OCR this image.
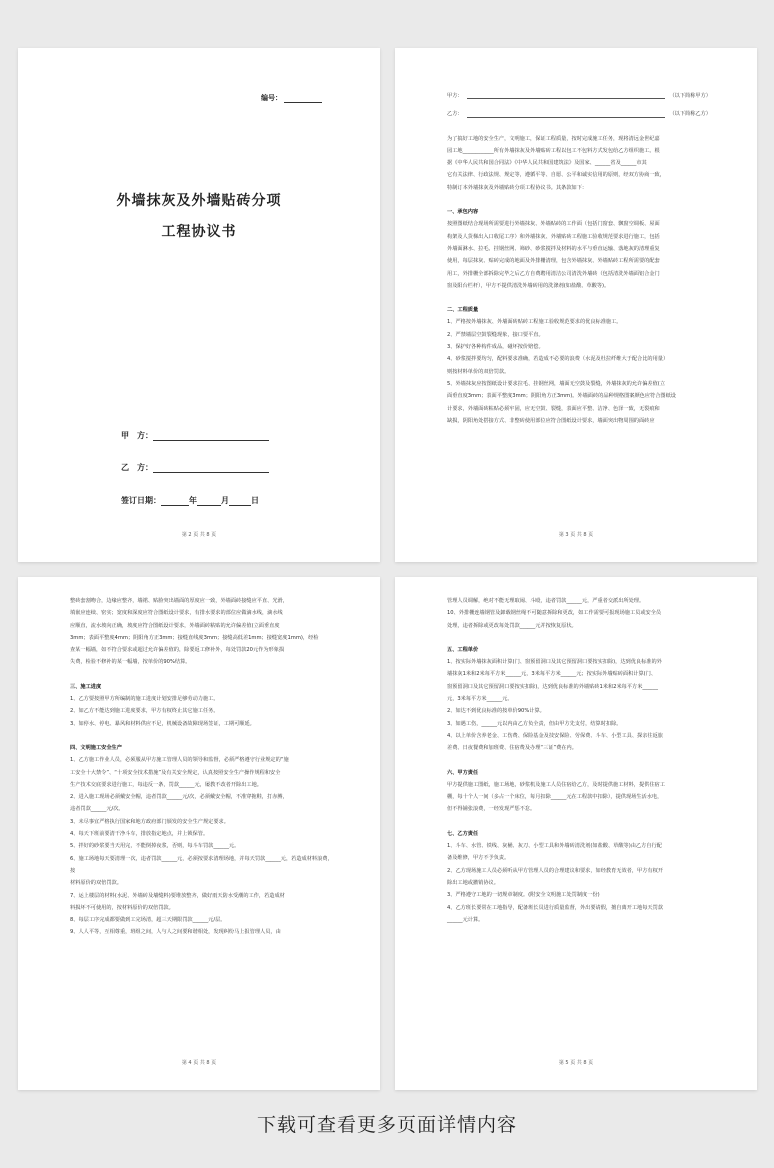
编号：
外墙抹灰及外墙贴砖分项
工程协议书
甲　方：
乙　方：
签订日期：	年	月	日
第 2 页 共 8 页
甲方：	（以下简称甲方）
乙方：	（以下简称乙方）

为了搞好工地的安全生产，文明施工，保证工程质量，按时完成施工任务，现将清远金世纪嘉

园工地____________所有外墙抹灰及外墙贴砖工程以包工不包料方式发包给乙方组织施工。根

据《中华人民共和国合同法》《中华人民共和国建筑法》及国家、______省及______市其

它有关法律、行政法规、规定等，遵循平等、自愿、公平和诚实信用的原则，经双方协商一致，

特制订本外墙抹灰及外墙贴砖分项工程协议书。其条款如下：

一、承包内容

按照图纸结合现场所需要进行外墙抹灰、外墙贴砖的工作面（包括门窗套、飘窗空调板、屋面

构架及人货梯出入口收尾工序）和外墙抹灰、外墙贴砖工程施工验收规范要求进行施工，包括

外墙面淋水、拉毛、挂钢丝网、筛砂、砂浆搅拌及材料的水平与垂直运输、落地灰的清理重复

使用，每层抹灰、贴砖完成的地面及外排栅清理，包含外墙抹灰、外墙贴砖工程所需要的配套

用工，外排栅全部拆除完毕之后乙方自费聘用清洁公司清洗外墙砖（包括清洗外墙面铝合金门

窗及阳台栏杆），甲方不提供清洗外墙砖用的洗涤剂(如盐酸、草酸等)。

二、工程质量

1、严格按外墙抹灰、外墙面砖贴砖工程施工验收规范要求的优良标准施工。

2、严禁墙层空鼓裂缝现象，接口要平直。

3、保护好各种构件成品，碰坏按价赔偿。

4、砂浆搅拌要均匀，配料要求准确，若造成不必要的浪费（水泥及杜拉纤维大于配合比的用量）

则按材料单价的双倍罚款。

5、外墙抹灰应按图纸设计要求拉毛、挂钢丝网，墙面无空鼓及裂缝，外墙抹灰的允许偏差值(立

面垂直度3mm；表面平整度3mm；阴阳角方正3mm)。外墙面砖的品种规格图案颜色应符合图纸设

计要求，外墙面砖粘贴必须牢固，应无空鼓、裂缝，表面应平整、洁净、色泽一致，无裂痕和

缺损，阴阳角处搭接方式、非整砖使用部位应符合图纸设计要求，墙面突出物周围的面砖应

第 3 页 共 8 页

整砖套割吻合，边缘应整齐，墙裙、贴脸突出墙面的厚度应一致，外墙面砖接缝应平直、光滑，

填嵌应连续、密实；宽度和深度应符合图纸设计要求，有排水要求的部位应做滴水线，滴水线

应顺直，流水坡向正确，坡度应符合图纸设计要求，外墙面砖粘贴的允许偏差值(立面垂直度

3mm；表面平整度4mm；阴阳角方正3mm；接缝直线度3mm；接缝高低差1mm；接缝宽度1mm)，经检

查某一幅墙，如不符合要求或超过允许偏差值的，除要返工修补外，每处罚款20元作为形象损

失费，检验不修补的某一幅墙，按单价的90%结算。

三、施工进度

1、乙方要按照甲方所编制的施工进度计划安排足够劳动力施工。

2、如乙方不能达到施工进度要求，甲方有权终止其它施工任务。

3、如停水、停电、暴风和材料供应不足，机械设备故障现场签证，工期可顺延。

四、文明施工安全生产

1、乙方施工作业人员，必须服从甲方施工管理人员的领导和监督，必须严格遵守行业规定的“施

工安全十大禁令”、“十项安全技术措施”及有关安全规定，认真按照安全生产操作规程和安全

生产技术交底要求进行施工，每违反一条，罚款______元，屡教不改者开除出工地。

2、进入施工现场必须戴安全帽，违者罚款______元/次，必须戴安全帽，不准穿拖鞋，打赤膊，

违者罚款______元/次。

3、未尽事宜严格执行国家和地方政府部门颁发的安全生产规定要求。

4、每天下班前要清干净斗车，排放指定地点，并上锁保管。

5、拌好的砂浆要当天用完，不能倒掉夜浆，否则，每斗车罚款______元。

6、施工场地每天要清理一次，违者罚款______元，必须按要求清理场地，并每天罚款______元，若造成材料浪费，按

材料原价的双倍罚款。

7、运上楼层的材料(水泥、外墙砖及墙缝料)要堆放整齐，做好雨天防水受潮的工作，若造成材

料损坏不可使用的，按材料原价的双倍罚款。

8、每层工序完成都要做到工完场清，超三天期限罚款______元/层。

9、人人平等，互相尊重，班组之间，人与人之间要和谐相处，发现纠纷马上报管理人员，由

第 4 页 共 8 页

管理人员调解，绝对不能无理取闹、斗殴，违者罚款______元，严重者交派出所处理。

10、外排栅连墙钢管及卸载钢丝绳不可随意拆除和更改，如工作需要可报现场施工员或安全员

处理，违者拆除或更改每处罚款______元并按恢复原状。

五、工程单价

1、按实际外墙抹灰面积计算(门、窗预留洞口及其它预留洞口要按实扣除)，达到优良标准的外

墙抹灰1米和2米每平方米______元，3米每平方米______元；按实际外墙贴砖面积计算(门、

窗预留洞口及其它预留洞口要按实扣除)，达到优良标准的外墙贴砖1米和2米每平方米______

元，3米每平方米______元。

2、如达不到优良标准的按单价90%计算。

3、如遇工伤，______元以内由乙方负全责，但由甲方先支付，结算时扣除。

4、以上单价含养老金、工伤费、保险基金及技安保险、劳保费、斗车、小型工具、探亲往返旅

差费、日夜餐费和加班费、住宿费及办理“三证”费在内。

六、甲方责任

甲方提供施工图纸，施工场地，砂浆机及施工人员住宿给乙方，及时提供施工材料，提供住宿工

棚，每十个人一间（多占一个床位，每月扣除______元在工程款中扣除），提供现场生活水电，

但不得铺张浪费，一经发现严惩不怠。

七、乙方责任

1、斗车、水管、铁线、灰桶、灰刀、小型工具和外墙砖清洗剂(如盐酸、草酸等)由乙方自行配

备及维修，甲方不予负责。

2、乙方现场施工人员必须听从甲方管理人员的合理建议和要求，如经教育无效者，甲方有权开

除出工地或撤销协议。

3、严格遵守工地的一切规章制度。(附安全文明施工处罚制度一份)

4、乙方班长要常在工地指导，配备班长员进行质量监督，外出要请假，擅自离开工地每天罚款

______元计算。

第 5 页 共 8 页
下载可查看更多页面详情内容
